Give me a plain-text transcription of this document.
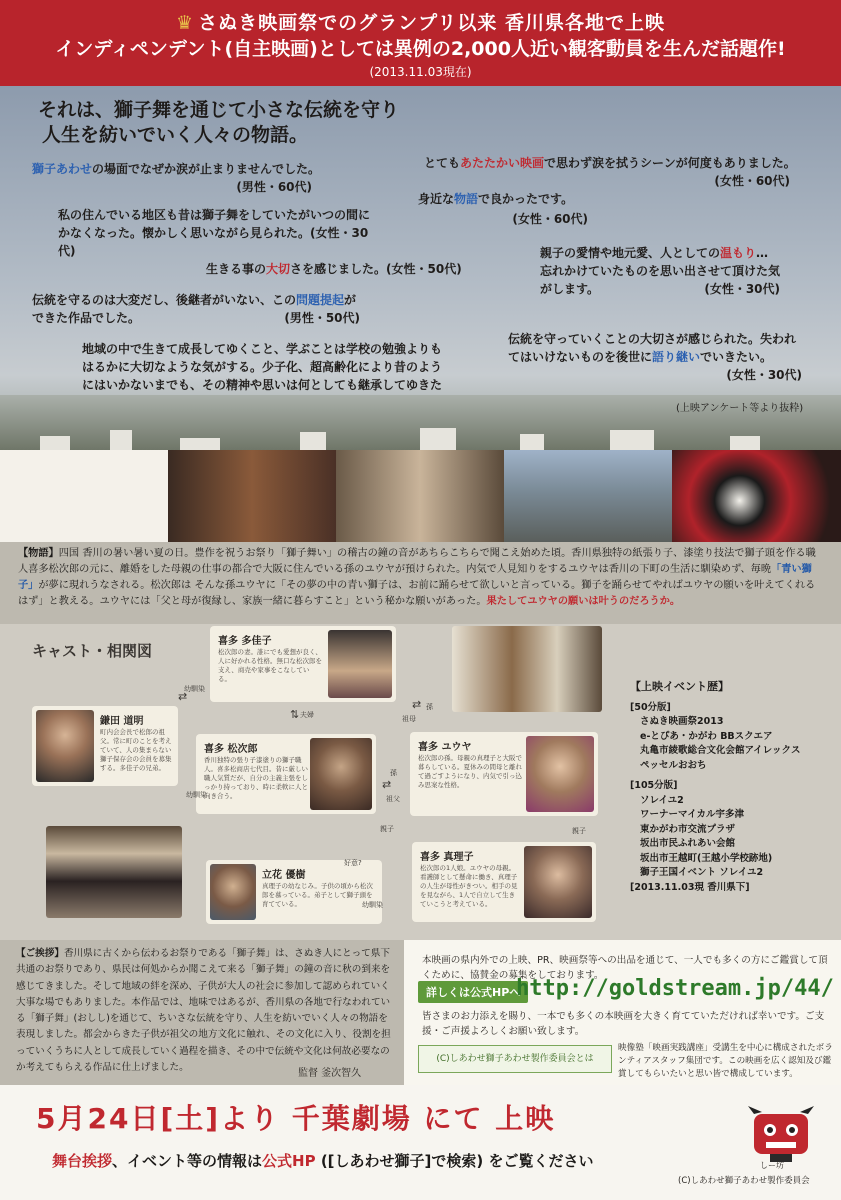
♛ さぬき映画祭でのグランプリ以来 香川県各地で上映
インディペンデント(自主映画)としては異例の2,000人近い観客動員を生んだ話題作!
(2013.11.03現在)
それは、獅子舞を通じて小さな伝統を守り
人生を紡いでいく人々の物語。
獅子あわせの場面でなぜか涙が止まりませんでした。
(男性・60代)
私の住んでいる地区も昔は獅子舞をしていたがいつの間にかなくなった。懐かしく思いながら見られた。(女性・30代)
生きる事の大切さを感じました。(女性・50代)
伝統を守るのは大変だし、後継者がいない、この問題提起ができた作品でした。	(男性・50代)
地域の中で生きて成長してゆくこと、学ぶことは学校の勉強よりもはるかに大切なような気がする。少子化、超高齢化により昔のようにはいかないまでも、その精神や思いは何としても継承してゆきた
とてもあたたかい映画で思わず涙を拭うシーンが何度もありました。
(女性・60代)
身近な物語で良かったです。
(女性・60代)
親子の愛情や地元愛、人としての温もり…忘れかけていたものを思い出させて頂けた気がします。	(女性・30代)
伝統を守っていくことの大切さが感じられた。失われてはいけないものを後世に語り継いでいきたい。
(女性・30代)
(上映アンケート等より抜粋)

【物語】四国 香川の暑い暑い夏の日。豊作を祝うお祭り「獅子舞い」の稽古の鐘の音があちらこちらで聞こえ始めた頃。香川県独特の紙張り子、漆塗り技法で獅子頭を作る職人喜多松次郎の元に、離婚をした母親の仕事の都合で大阪に住んでいる孫のユウヤが預けられた。内気で人見知りをするユウヤは香川の下町の生活に馴染めず、毎晩「青い獅子」が夢に現れうなされる。松次郎は そんな孫ユウヤに「その夢の中の青い獅子は、お前に踊らせて欲しいと言っている。獅子を踊らせてやればユウヤの願いを叶えてくれるはず」と教える。ユウヤには「父と母が復縁し、家族一緒に暮らすこと」という秘かな願いがあった。果たしてユウヤの願いは叶うのだろうか。

キャスト・相関図
喜多 多佳子
松次郎の妻。誰にでも愛想が良く、人に好かれる性格。無口な松次郎を支え、商売や家事をこなしている。
鎌田 道明
町内会会長で松郎の祖父。常に町のことを考えていて、人の集まらない獅子保存会の会員を募集する。多佳子の兄弟。
喜多 松次郎
香川独特の張り子漆塗りの獅子職人。喜多松商店七代目。昔に厳しい職人気質だが、自分の主義主張をしっかり持っており、時に柔軟に人と向き合う。
喜多 ユウヤ
松次郎の孫。母親の真理子と大阪で暮らしている。夏休みの間母と離れて過ごすようになり、内気で引っ込み思案な性格。
立花 優樹
真理子の幼なじみ。子供の頃から松次郎を慕っている。弟子として獅子頭を育てている。
喜多 真理子
松次郎の1人娘。ユウヤの母親。看護師として懸命に働き、真理子の人生が母性がきつい。相手の見を見ながら、1人で自立して生きていこうと考えている。
幼馴染
⇄
夫婦
⇅
孫
祖母
⇄
孫
祖父
⇄
親子	親子
幼馴染
幼馴染
好意?
【上映イベント歴】
[50分版]
さぬき映画祭2013
e-とぴあ・かがわ BBスクエア
丸亀市綾歌総合文化会館アイレックス
ペッセルおおち
[105分版]
ソレイユ2
ワーナーマイカル宇多津
東かがわ市交流プラザ
坂出市民ふれあい会館
坂出市王越町(王越小学校跡地)
獅子王国イベント ソレイユ2
[2013.11.03現 香川県下]

【ご挨拶】香川県に古くから伝わるお祭りである「獅子舞」は、さぬき人にとって県下共通のお祭りであり、県民は何処からか聞こえて来る「獅子舞」の鐘の音に秋の到来を感じてきました。そして地域の絆を深め、子供が大人の社会に参加して認められていく大事な場でもありました。本作品では、地味ではあるが、香川県の各地で行なわれている「獅子舞」(おしし)を通じて、ちいさな伝統を守り、人生を紡いでいく人々の物語を表現しました。都会からきた子供が祖父の地方文化に触れ、その文化に入り、役割を担っていくうちに人として成長していく過程を描き、その中で伝統や文化は何故必要なのか考えてもらえる作品に仕上げました。

監督 釜次智久
本映画の県内外での上映、PR、映画祭等への出品を通じて、一人でも多くの方にご鑑賞して頂くために、協賛金の募集をしております。
詳しくは公式HPへ
http://goldstream.jp/44/
皆さまのお力添えを賜り、一本でも多くの本映画を大きく育てていただければ幸いです。ご支援・ご声援よろしくお願い致します。
(C)しあわせ獅子あわせ製作委員会とは
映像塾「映画実践講座」受講生を中心に構成されたボランティアスタッフ集団です。この映画を広く認知及び鑑賞してもらいたいと思い皆で構成しています。
5月24日[土]より 千葉劇場 にて 上映
舞台挨拶、イベント等の情報は公式HP ([しあわせ獅子]で検索) をご覧ください	しー坊
(C)しあわせ獅子あわせ製作委員会
